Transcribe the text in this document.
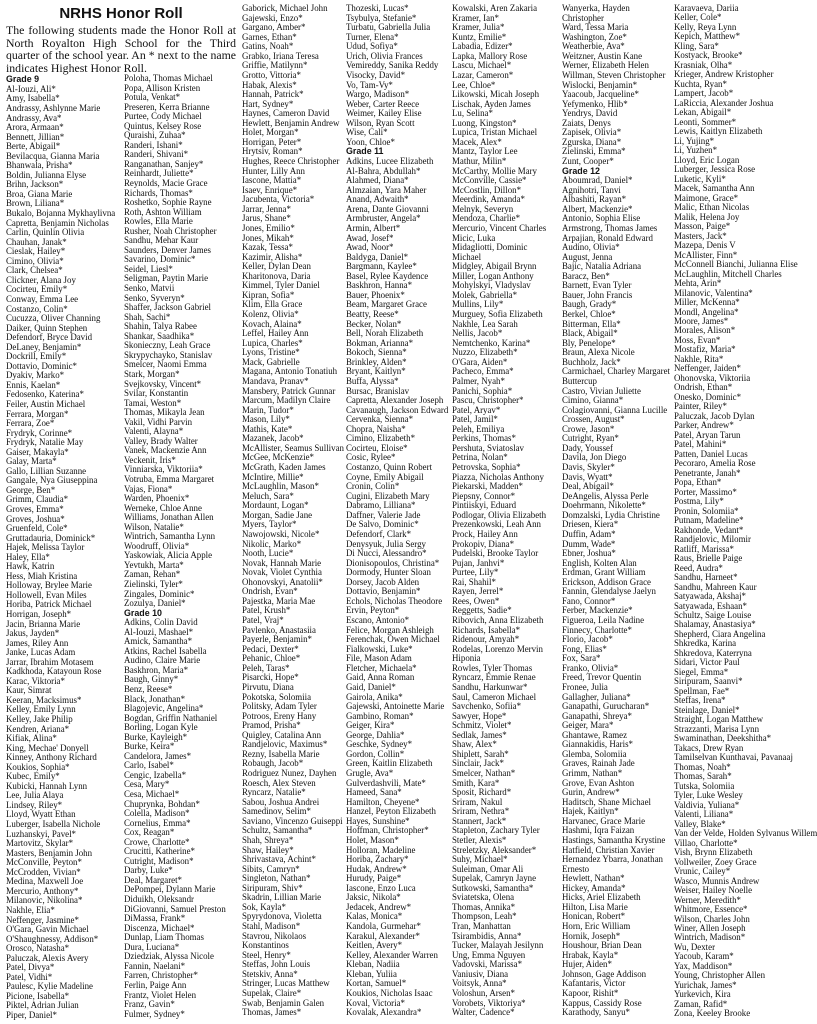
NRHS Honor Roll
The following students made the Honor Roll at North Royalton High School for the Third quarter of the school year. An * next to the name indicates Highest Honor Roll.
Grade 9
Al-Iouzi, Ali*
Amy, Isabella*
Andrassy, Ashlynne Marie
Andrassy, Ava*
Arora, Armaan*
Bennett, Jillian*
Berte, Abigail*
Bevilacqua, Gianna Maria
Bhanwala, Prisha*
Boldin, Julianna Elyse
Brihn, Jackson*
Broa, Giana Marie
Brown, Liliana*
Bukalo, Bojanna Mykhaylivna
Capretta, Benjamin Nicholas
Carlin, Quinlin Olivia
Chauhan, Janak*
Cieslak, Hailey*
Cimino, Olivia*
Clark, Chelsea*
Clickner, Alana Joy
Cocirteu, Emily*
Conway, Emma Lee
Costanzo, Colin*
Cucuzza, Oliver Channing
Daiker, Quinn Stephen
Defendorf, Bryce David
DeLaney, Benjamin*
Dockrill, Emily*
Dottavio, Dominic*
Dyakiv, Marko*
Ennis, Kaelan*
Fedosenko, Katerina*
Feiler, Austin Michael
Ferrara, Morgan*
Ferrara, Zoe*
Frydryk, Corinne*
Frydryk, Natalie May
Gaiser, Makayla*
Galay, Marta*
Gallo, Lillian Suzanne
Gangale, Nya Giuseppina
George, Ben*
Grimm, Claudia*
Groves, Emma*
Groves, Joshua*
Gruenfeld, Cole*
Gruttadauria, Dominick*
Hajek, Melissa Taylor
Haley, Ella*
Hawk, Katrin
Hess, Miah Kristina
Holloway, Brylee Marie
Hollowell, Evan Miles
Horiba, Patrick Michael
Horrigan, Joseph*
Jacin, Brianna Marie
Jakus, Jayden*
James, Riley Ann
Janke, Lucas Adam
Jarrar, Ibrahim Motasem
Kadkhoda, Katayoun Rose
Karac, Viktoria*
Kaur, Simrat
Keeran, Macksimus*
Kelley, Emily Lynn
Kelley, Jake Philip
Kendren, Ariana*
Kifiak, Alina*
King, Mechae' Donyell
Kinney, Anthony Richard
Koukios, Sophia*
Kubec, Emily*
Kubicki, Hannah Lynn
Lee, Julia Alaya
Lindsey, Riley*
Lloyd, Wyatt Ethan
Luberger, Isabella Nichole
Luzhanskyi, Pavel*
Martovitz, Skylar*
Masters, Benjamin John
McConville, Peyton*
McCrodden, Vivian*
Medina, Maxwell Joe
Mercurio, Anthony*
Milanovic, Nikolina*
Nakhle, Elia*
Neffenger, Jasmine*
O'Gara, Gavin Michael
O'Shaughnessy, Addison*
Orosco, Natasha*
Paluczak, Alexis Avery
Patel, Divya*
Patel, Vidhi*
Paulesc, Kylie Madeline
Picione, Isabella*
Piktel, Adrian Julian
Piper, Daniel*
Poloha, Thomas Michael
Popa, Allison Kristen
Potula, Venkat*
Preseren, Kerra Brianne
Purtee, Cody Michael
Quintus, Kelsey Rose
Quraishi, Zuhaa*
Randeri, Ishani*
Randeri, Shivani*
Ranganathan, Sanjey*
Reinhardt, Juliette*
Reynolds, Macie Grace
Richards, Thomas*
Roshetko, Sophie Rayne
Roth, Ashton William
Rowles, Ella Marie
Rusher, Noah Christopher
Sandhu, Mehar Kaur
Saunders, Denver James
Savarino, Dominic*
Seidel, Liesl*
Seligman, Paytin Marie
Senko, Matvii
Senko, Syveryn*
Shaffer, Jackson Gabriel
Shah, Sachi*
Shahin, Talya Rabee
Shankar, Saadhika*
Skonieczny, Leah Grace
Skrypychayko, Stanislav
Smelcer, Naomi Emma
Stark, Morgan*
Svejkovsky, Vincent*
Svilar, Konstantin
Tamai, Weston*
Thomas, Mikayla Jean
Vakil, Vidhi Parvin
Valenti, Alayna*
Valley, Brady Walter
Vanek, Mackenzie Ann
Veckenit, Iris*
Vinniarska, Viktoriia*
Votruba, Emma Margaret
Vajas, Fiona*
Warden, Phoenix*
Werneke, Chloe Anne
Williams, Jonathan Allen
Wilson, Natalie*
Wintrich, Samantha Lynn
Woodruff, Olivia*
Yaskowiak, Alicia Apple
Yevtukh, Marta*
Zaman, Rehan*
Zielinski, Tyler*
Zingales, Dominic*
Zozulya, Daniel*
Grade 10
Adkins, Colin David
Al-Iouzi, Mashael*
Amick, Samantha*
Atkins, Rachel Isabella
Audino, Claire Marie
Baskhron, Maria*
Baugh, Ginny*
Benz, Reese*
Black, Jonathan*
Blagojevic, Angelina*
Bogdan, Griffin Nathaniel
Borling, Logan Kyle
Burke, Kayleigh*
Burke, Keira*
Candelora, James*
Carlo, Isabel*
Cengic, Izabella*
Cesa, Mary*
Cesa, Michael*
Chuprynka, Bohdan*
Colella, Madison*
Cornelius, Emma*
Cox, Reagan*
Crowe, Charlotte*
Crucitti, Katherine*
Cutright, Madison*
Darby, Luke*
Deal, Margaret*
DePompei, Dylann Marie
Diduikh, Oleksandr
DiGiovanni, Samuel Preston
DiMassa, Frank*
Discenza, Michael*
Dunlap, Liam Thomas
Dura, Luciana*
Dziedziak, Alyssa Nicole
Fannin, Naelani*
Farren, Christopher*
Ferlin, Paige Ann
Frantz, Violet Helen
Franz, Gavin*
Fulmer, Sydney*
Gaborick, Michael John
Gajewski, Enzo*
Gargano, Amber*
Garnes, Ethan*
Gatins, Noah*
Grabko, Iriana Teresa
Griffie, Matilynn*
Grotto, Vittoria*
Habak, Alexis*
Hannah, Patrick*
Hart, Sydney*
Haynes, Cameron David
Hewlett, Benjamin Andrew
Holet, Morgan*
Horrigan, Peter*
Hrytsiv, Roman*
Hughes, Reece Christopher
Hunter, Lilly Ann
Iascone, Mattia*
Isaev, Enrique*
Jacubenta, Victoria*
Jarrar, Jenna*
Jarus, Shane*
Jones, Emilio*
Jones, Mikah*
Kazak, Tessa*
Kazimir, Alisha*
Keller, Dylan Dean
Kharitonova, Daria
Kimmel, Tyler Daniel
Kipran, Sofia*
Klim, Ella Grace
Kolenz, Olivia*
Kovach, Alaina*
Leffel, Hailey Ann
Lupica, Charles*
Lyons, Tristine*
Mack, Gabrielle
Magana, Antonio Tonatiuh
Mandava, Pranav*
Mansbery, Patrick Gunnar
Marcum, Madilyn Claire
Marin, Tudor*
Mason, Lily*
Mathis, Kate*
Mazanek, Jacob*
McAllister, Seamus Sullivan
McGee, McKenzie*
McGrath, Kaden James
McIntire, Millie*
McLaughlin, Mason*
Meluch, Sara*
Mordaunt, Logan*
Morgan, Sadie Jane
Myers, Taylor*
Nawojowski, Nicole*
Nikolic, Marko*
Nooth, Lucie*
Novak, Hannah Marie
Novak, Violet Cynthia
Ohonovskyi, Anatolii*
Ondrish, Evan*
Pajestka, Maria Mae
Patel, Krush*
Patel, Vraj*
Pavlenko, Anastasiia
Payerle, Benjamin*
Pedaci, Dexter*
Pehanic, Chloe*
Peleh, Taras*
Pisarcki, Hope*
Pirvutu, Diana
Pokotska, Solomiia
Politsky, Adam Tyler
Potroos, Ereny Hany
Pramod, Prisha*
Quigley, Catalina Ann
Randjelovic, Maximus*
Rezny, Isabella Marie
Robaugh, Jacob*
Rodriguez Nunez, Dayhen
Roesch, Alex Steven
Ryncarz, Natalie*
Sabou, Joshua Andrei
Samedinov, Selim*
Saviano, Vincenzo Guiseppi
Schultz, Samantha*
Shah, Shreya*
Shaw, Hailey*
Shrivastava, Achint*
Sibits, Camryn*
Singleton, Nathan*
Siripuram, Shiv*
Skadrin, Lillian Marie
Sok, Kayla*
Spyrydonova, Violetta
Stahl, Madison*
Stavrou, Nikolaos
Konstantinos
Steel, Henry*
Steffas, John Louis
Stetskiv, Anna*
Stringer, Lucas Matthew
Supelak, Claire*
Swab, Benjamin Galen
Thomas, James*
Thozeski, Lucas*
Tsybulya, Stefanie*
Turbatu, Gabriella Julia
Turner, Elena*
Udud, Sofiya*
Urich, Olivia Frances
Vemireddy, Sanika Reddy
Visocky, David*
Vo, Tam-Vy*
Wargo, Madison*
Weber, Carter Reece
Weimer, Kailey Elise
Wilson, Ryan Scott
Wise, Cali*
Yoon, Chloe*
Grade 11
Adkins, Lucee Elizabeth
Al-Bahra, Abdullah*
Alahmed, Diana*
Almzaian, Yara Maher
Anand, Adwaith*
Arena, Dante Giovanni
Armbruster, Angela*
Armin, Albert*
Awad, Josef*
Awad, Noor*
Baldyga, Daniel*
Bargmann, Kaylee*
Basel, Rylee Kaydence
Baskhron, Hanna*
Bauer, Phoenix*
Beam, Margaret Grace
Beatty, Reese*
Becker, Nolan*
Bell, Norah Elizabeth
Bokman, Arianna*
Bokoch, Sienna*
Brinkley, Alden*
Bryant, Kaitlyn*
Buffa, Alyssa*
Bursac, Branislav
Capretta, Alexander Joseph
Cavanaugh, Jackson Edward
Cervenka, Sienna*
Chopra, Naisha*
Cimino, Elizabeth*
Cocirteu, Eloise*
Cosic, Rylee*
Costanzo, Quinn Robert
Coyne, Emily Abigail
Cronin, Colin*
Cugini, Elizabeth Mary
Dabramo, Lilliana*
Daffner, Valerie Jade
De Salvo, Dominic*
Defendorf, Clark*
Denysyuk, Julia Sergy
Di Nucci, Alessandro*
Dionisopoulos, Christina*
Dormody, Hunter Sloan
Dorsey, Jacob Alden
Dottavio, Benjamin*
Echols, Nicholas Theodore
Ervin, Peyton*
Escano, Antonio*
Felice, Morgan Ashleigh
Ferenchak, Owen Michael
Fialkowski, Luke*
File, Mason Adam
Fletcher, Michaela*
Gaid, Anna Roman
Gaid, Daniel*
Gairola, Anika*
Gajewski, Antoinette Marie
Gambino, Roman*
Geiger, Kira*
George, Dahlia*
Geschke, Sydney*
Gordon, Collin*
Green, Kaitlin Elizabeth
Grugle, Ava*
Gulverdashvili, Mate*
Hameed, Sana*
Hamilton, Cheyene*
Hanzel, Peyton Elizabeth
Hayes, Sunshine*
Hoffman, Christopher*
Holet, Mason*
Holloran, Madeline
Horiba, Zachary*
Hudak, Andrew*
Hurudy, Paige*
Iascone, Enzo Luca
Jaksic, Nikola*
Jedacek, Andrew*
Kalas, Monica*
Kandola, Gurmehar*
Karakul, Alexander*
Keitlen, Avery*
Kelley, Alexander Warren
Kleban, Nadiia
Kleban, Yuliia
Kortan, Samuel*
Koukios, Nicholas Isaac
Koval, Victoria*
Kovalak, Alexandra*
Kowalski, Aren Zakaria
Kramer, Ian*
Kramer, Julia*
Kuntz, Emilie*
Labadia, Edizer*
Lapka, Mallory Rose
Lascu, Michael*
Lazar, Cameron*
Lee, Chloe*
Likowski, Micah Joseph
Lischak, Ayden James
Lu, Selina*
Luong, Kingston*
Lupica, Tristan Michael
Macek, Alex*
Mantz, Taylor Lee
Mathur, Milin*
McCarthy, Mollie Mary
McConville, Cassie*
McCostlin, Dillon*
Meerdink, Amanda*
Melnyk, Severyn
Mendoza, Charlie*
Mercurio, Vincent Charles
Micic, Luka
Midagliotti, Dominic
Michael
Midgley, Abigail Brynn
Miller, Logan Anthony
Mohylskyi, Vladyslav
Molek, Gabriella*
Mullins, Lily*
Murguey, Sofia Elizabeth
Nakhle, Lea Sarah
Nellis, Jacob*
Nemtchenko, Karina*
Nuzzo, Elizabeth*
O'Gara, Aiden*
Pacheco, Emma*
Palmer, Nyah*
Panichi, Sophia*
Pascu, Christopher*
Patel, Aryav*
Patel, Jamil*
Peleh, Emiliya
Perkins, Thomas*
Pershuta, Sviatoslav
Petrina, Nolan*
Petrovska, Sophia*
Piazza, Nicholas Anthony
Piekarski, Madden*
Piepsny, Connor*
Pintiiskyi, Eduard
Podlogar, Olivia Elizabeth
Prezenkowski, Leah Ann
Prock, Hailey Ann
Prokopiv, Diana*
Pudelski, Brooke Taylor
Pujan, Janhvi*
Purtee, Lily*
Rai, Shahil*
Rayen, Jerrel*
Rees, Owen*
Reggetts, Sadie*
Ribovich, Anna Elizabeth
Richards, Isabella*
Ridenour, Amyah*
Rodelas, Lorenzo Mervin
Hiponia
Rowles, Tyler Thomas
Ryncarz, Emmie Renae
Sandhu, Harkunwar*
Saul, Cameron Michael
Savchenko, Sofiia*
Sawyer, Hope*
Schmitz, Violet*
Sedlak, James*
Shaw, Alex*
Shiplett, Sarah*
Sinclair, Jack*
Smelcer, Nathan*
Smith, Kara*
Sposit, Richard*
Sriram, Nakul
Sriram, Nethra*
Stannert, Jack*
Stapleton, Zachary Tyler
Stetler, Alexis*
Streletzky, Aleksander*
Suhy, Michael*
Suleiman, Omar Ali
Supelak, Camryn Jayne
Sutkowski, Samantha*
Sviatetska, Olena
Thomas, Annika*
Thompson, Leah*
Tran, Manhattan
Tsirambidis, Anna*
Tucker, Malayah Jesilynn
Ung, Emma Nguyen
Vadovski, Marissa*
Vaniusiv, Diana
Voitsyk, Anna*
Voloshun, Arsen*
Vorobets, Viktoriya*
Walter, Cadence*
Wanyerka, Hayden
Christopher
Ward, Tessa Maria
Washington, Zoe*
Weatherbie, Ava*
Weitzner, Austin Kane
Werner, Elizabeth Helen
Willman, Steven Christopher
Wislocki, Benjamin*
Yaacoub, Jacqueline*
Yefymenko, Hlib*
Yendrys, David
Zaiats, Denys
Zapisek, Olivia*
Zgurska, Diana*
Zielinski, Emma*
Zunt, Cooper*
Grade 12
Aboumrad, Daniel*
Agnihotri, Tanvi
Albashiti, Rayan*
Albert, Mackenzie*
Antonio, Sophia Elise
Armstrong, Thomas James
Arpajian, Ronald Edward
Audino, Olivia*
August, Jenna
Bajic, Natalia Adriana
Baracz, Ben*
Barnett, Evan Tyler
Bauer, John Francis
Baugh, Grady*
Berkel, Chloe*
Bitterman, Ella*
Black, Abigail*
Bly, Penelope*
Braun, Alexa Nicole
Buchholz, Jack*
Carmichael, Charley Margaret
Buttercup
Castro, Vivian Juliette
Cimino, Gianna*
Colagiovanni, Gianna Lucille
Crossen, August*
Crowe, Jason*
Cutright, Ryan*
Dady, Youssef
Davila, Jon Diego
Davis, Skyler*
Davis, Wyatt*
Deal, Abigail*
DeAngelis, Alyssa Perle
Doehrmann, Nikolette*
Domzalski, Lydia Christine
Driesen, Kiera*
Duffin, Adam*
Dumm, Wade*
Ebner, Joshua*
English, Kolten Alan
Erdman, Grant William
Erickson, Addison Grace
Fannin, Glendalyse Jaelyn
Fano, Connor*
Ferber, Mackenzie*
Figueroa, Leila Nadine
Finnecy, Charlotte*
Florio, Jacob*
Fong, Elias*
Fox, Sara*
Franko, Olivia*
Freed, Trevor Quentin
Fronee, Julia
Gallagher, Juliana*
Ganapathi, Gurucharan*
Ganapathi, Shreya*
Geiger, Mara*
Ghantawe, Ramez
Giannakidis, Haris*
Glemba, Solomiia
Graves, Rainah Jade
Grimm, Nathan*
Grove, Evan Ashton
Gurin, Andrew*
Haditsch, Shane Michael
Hajek, Kaitlyn*
Harvanec, Grace Marie
Hashmi, Iqra Faizan
Hastings, Samantha Krystine
Hatfield, Christian Xavier
Hernandez Ybarra, Jonathan
Ernesto
Hewlett, Nathan*
Hickey, Amanda*
Hicks, Ariel Elizabeth
Hilton, Lisa Marie
Honican, Robert*
Horn, Eric William
Hornik, Joseph*
Houshour, Brian Dean
Hrabak, Kayla*
Hujer, Aiden*
Johnson, Gage Addison
Kafantaris, Victor
Kapoor, Rishit*
Kappus, Cassidy Rose
Karathody, Sanyu*
Karavaeva, Dariia
Keller, Cole*
Kelly, Reya Lynn
Kepich, Matthew*
Kling, Sara*
Kostyack, Brooke*
Krasniak, Olha*
Krieger, Andrew Kristopher
Kuchta, Ryan*
Lampert, Jacob*
LaRiccia, Alexander Joshua
Lekan, Abigail*
Leonti, Sommer*
Lewis, Kaitlyn Elizabeth
Li, Yujing*
Li, Yuzhen*
Lloyd, Eric Logan
Luberger, Jessica Rose
Luketic, Kyli*
Macek, Samantha Ann
Maimone, Grace*
Malic, Ethan Nicolas
Malik, Helena Joy
Masson, Paige*
Masters, Jack*
Mazepa, Denis V
McAllister, Finn*
McConnell Bianchi, Julianna Elise
McLaughlin, Mitchell Charles
Mehta, Arin*
Milanovic, Valentina*
Miller, McKenna*
Mondl, Angelina*
Moore, James*
Morales, Alison*
Moss, Evan*
Mostafiz, Maria*
Nakhle, Rita*
Neffenger, Jaiden*
Ohonovska, Viktoriia
Ondrish, Ethan*
Onesko, Dominic*
Painter, Riley*
Paluczak, Jacob Dylan
Parker, Andrew*
Patel, Aryan Tarun
Patel, Mahini*
Patten, Daniel Lucas
Pecoraro, Amelia Rose
Penetrante, Janah*
Popa, Ethan*
Porter, Massimo*
Postma, Lily*
Pronin, Solomiia*
Putnam, Madeline*
Rakhonde, Vedant*
Randjelovic, Milomir
Ratliff, Marissa*
Raus, Brielle Paige
Reed, Audra*
Sandhu, Harneet*
Sandhu, Mahreen Kaur
Satyawada, Akshaj*
Satyawada, Eshaan*
Schultz, Saige Louise
Shalamay, Anastasiya*
Shepherd, Ciara Angelina
Shkredka, Karina
Shkredova, Katerryna
Sidari, Victor Paul
Siegel, Emma*
Siripuram, Saanvi*
Spellman, Fae*
Steffas, Irena*
Steinlage, Daniel*
Straight, Logan Matthew
Strazzanti, Marisa Lynn
Swaminathan, Deekshitha*
Takacs, Drew Ryan
Tamilselvan Kunthavai, Pavanaaj
Thomas, Noah*
Thomas, Sarah*
Tutska, Solomiia
Tyler, Luke Wesley
Valdivia, Yuliana*
Valenti, Liliana*
Valley, Blake*
Van der Velde, Holden Sylvanus Willem
Villao, Charlotte*
Vish, Brynn Elizabeth
Vollweiler, Zoey Grace
Vrunic, Cailey*
Wasco, Munnis Andrew
Weiser, Hailey Noelle
Werner, Meredith*
Whitmore, Essence*
Wilson, Charles John
Winer, Allen Joseph
Wintrich, Madison*
Wu, Dexter
Yacoub, Karam*
Yax, Maddison*
Young, Christopher Allen
Yurichak, James*
Yurkevich, Kira
Zaman, Rafid*
Zona, Keeley Brooke
